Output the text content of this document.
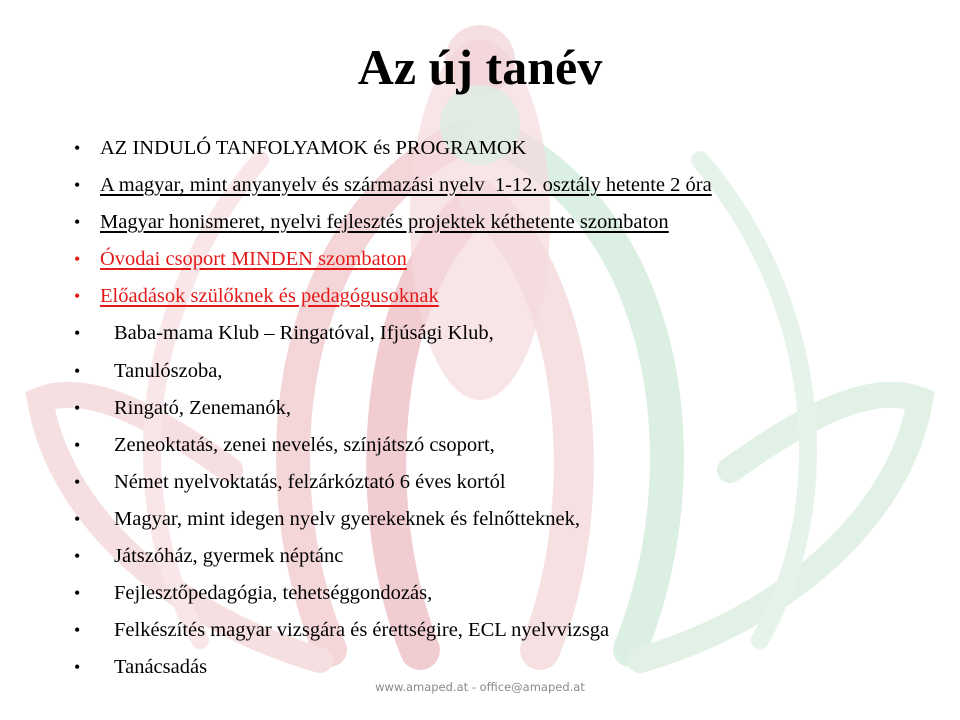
Az új tanév
• AZ INDULÓ TANFOLYAMOK és PROGRAMOK
• A magyar, mint anyanyelv és származási nyelv  1-12. osztály hetente 2 óra
• Magyar honismeret, nyelvi fejlesztés projektek kéthetente szombaton
• Óvodai csoport MINDEN szombaton
• Előadások szülőknek és pedagógusoknak
•	Baba-mama Klub – Ringatóval, Ifjúsági Klub,
•	Tanulószoba,
•	Ringató, Zenemanók,
•	Zeneoktatás, zenei nevelés, színjátszó csoport,
•	Német nyelvoktatás, felzárkóztató 6 éves kortól
•	Magyar, mint idegen nyelv gyerekeknek és felnőtteknek,
•	Játszóház, gyermek néptánc
•	Fejlesztőpedagógia, tehetséggondozás,
•	Felkészítés magyar vizsgára és érettségire, ECL nyelvvizsga
•	Tanácsadás
www.amaped.at - office@amaped.at
